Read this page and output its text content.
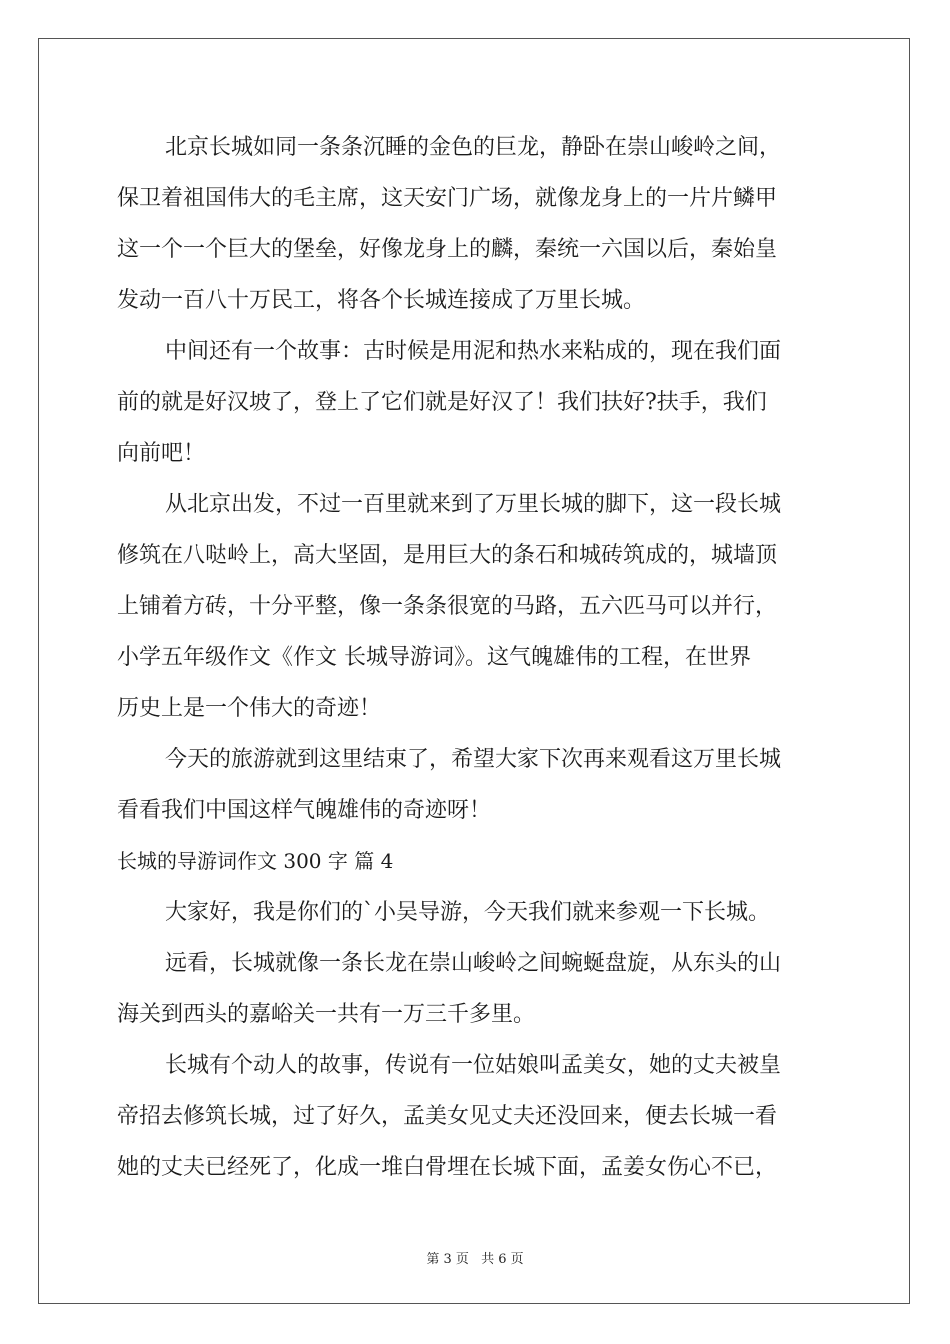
北京长城如同一条条沉睡的金色的巨龙，静卧在崇山峻岭之间，
保卫着祖国伟大的毛主席，这天安门广场，就像龙身上的一片片鳞甲
这一个一个巨大的堡垒，好像龙身上的麟，秦统一六国以后，秦始皇
发动一百八十万民工，将各个长城连接成了万里长城。
中间还有一个故事：古时候是用泥和热水来粘成的，现在我们面
前的就是好汉坡了，登上了它们就是好汉了！我们扶好?扶手，我们
向前吧！
从北京出发，不过一百里就来到了万里长城的脚下，这一段长城
修筑在八哒岭上，高大坚固，是用巨大的条石和城砖筑成的，城墙顶
上铺着方砖，十分平整，像一条条很宽的马路，五六匹马可以并行，
小学五年级作文《作文 长城导游词》。这气魄雄伟的工程，在世界
历史上是一个伟大的奇迹！
今天的旅游就到这里结束了，希望大家下次再来观看这万里长城
看看我们中国这样气魄雄伟的奇迹呀！
长城的导游词作文 300 字 篇 4
大家好，我是你们的`小吴导游，今天我们就来参观一下长城。
远看，长城就像一条长龙在崇山峻岭之间蜿蜒盘旋，从东头的山
海关到西头的嘉峪关一共有一万三千多里。
长城有个动人的故事，传说有一位姑娘叫孟美女，她的丈夫被皇
帝招去修筑长城，过了好久，孟美女见丈夫还没回来，便去长城一看
她的丈夫已经死了，化成一堆白骨埋在长城下面，孟姜女伤心不已，
第 3 页 共 6 页
